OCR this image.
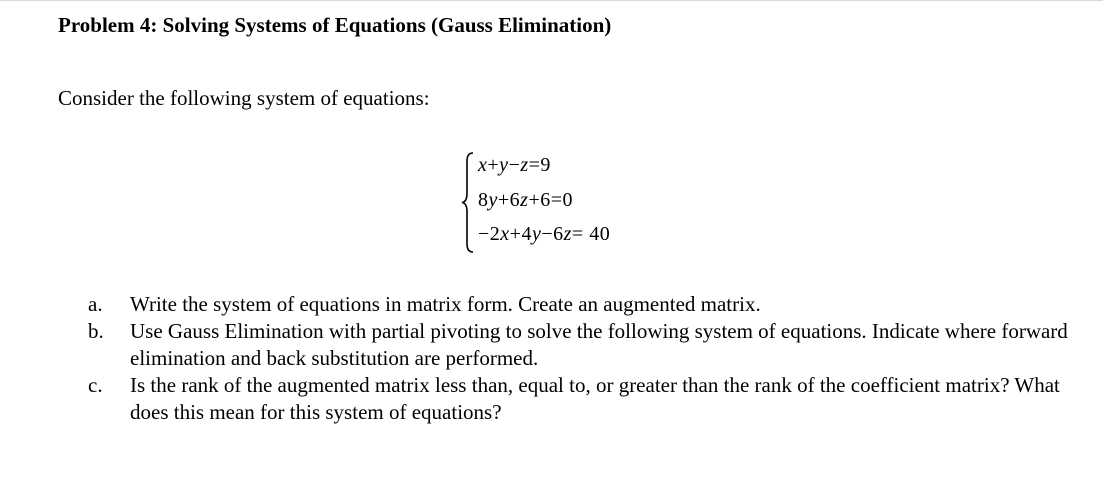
Problem 4: Solving Systems of Equations (Gauss Elimination)
Consider the following system of equations:
x+y−z=9
8y+6z+6=0
−2x+4y−6z= 40
a. Write the system of equations in matrix form. Create an augmented matrix.
b. Use Gauss Elimination with partial pivoting to solve the following system of equations. Indicate where forward elimination and back substitution are performed.
c. Is the rank of the augmented matrix less than, equal to, or greater than the rank of the coefficient matrix? What does this mean for this system of equations?
